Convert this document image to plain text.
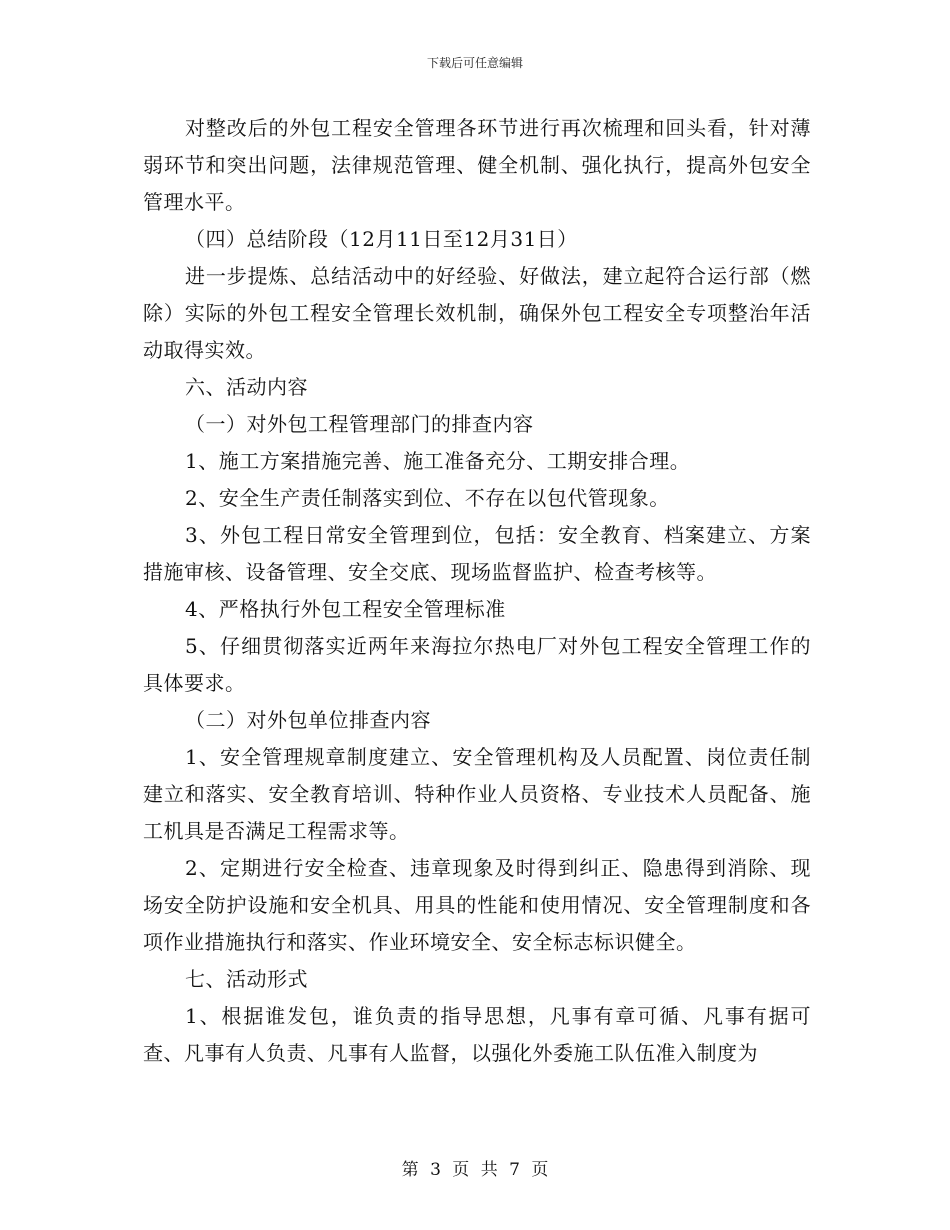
下载后可任意编辑

对整改后的外包工程安全管理各环节进行再次梳理和回头看，针对薄弱环节和突出问题，法律规范管理、健全机制、强化执行，提高外包安全管理水平。

（四）总结阶段（12月11日至12月31日）

进一步提炼、总结活动中的好经验、好做法，建立起符合运行部（燃除）实际的外包工程安全管理长效机制，确保外包工程安全专项整治年活动取得实效。

六、活动内容

（一）对外包工程管理部门的排查内容

1、施工方案措施完善、施工准备充分、工期安排合理。

2、安全生产责任制落实到位、不存在以包代管现象。

3、外包工程日常安全管理到位，包括：安全教育、档案建立、方案措施审核、设备管理、安全交底、现场监督监护、检查考核等。

4、严格执行外包工程安全管理标准

5、仔细贯彻落实近两年来海拉尔热电厂对外包工程安全管理工作的具体要求。

（二）对外包单位排查内容

1、安全管理规章制度建立、安全管理机构及人员配置、岗位责任制建立和落实、安全教育培训、特种作业人员资格、专业技术人员配备、施工机具是否满足工程需求等。

2、定期进行安全检查、违章现象及时得到纠正、隐患得到消除、现场安全防护设施和安全机具、用具的性能和使用情况、安全管理制度和各项作业措施执行和落实、作业环境安全、安全标志标识健全。

七、活动形式

1、根据谁发包，谁负责的指导思想，凡事有章可循、凡事有据可查、凡事有人负责、凡事有人监督，以强化外委施工队伍准入制度为

第 3 页 共 7 页
